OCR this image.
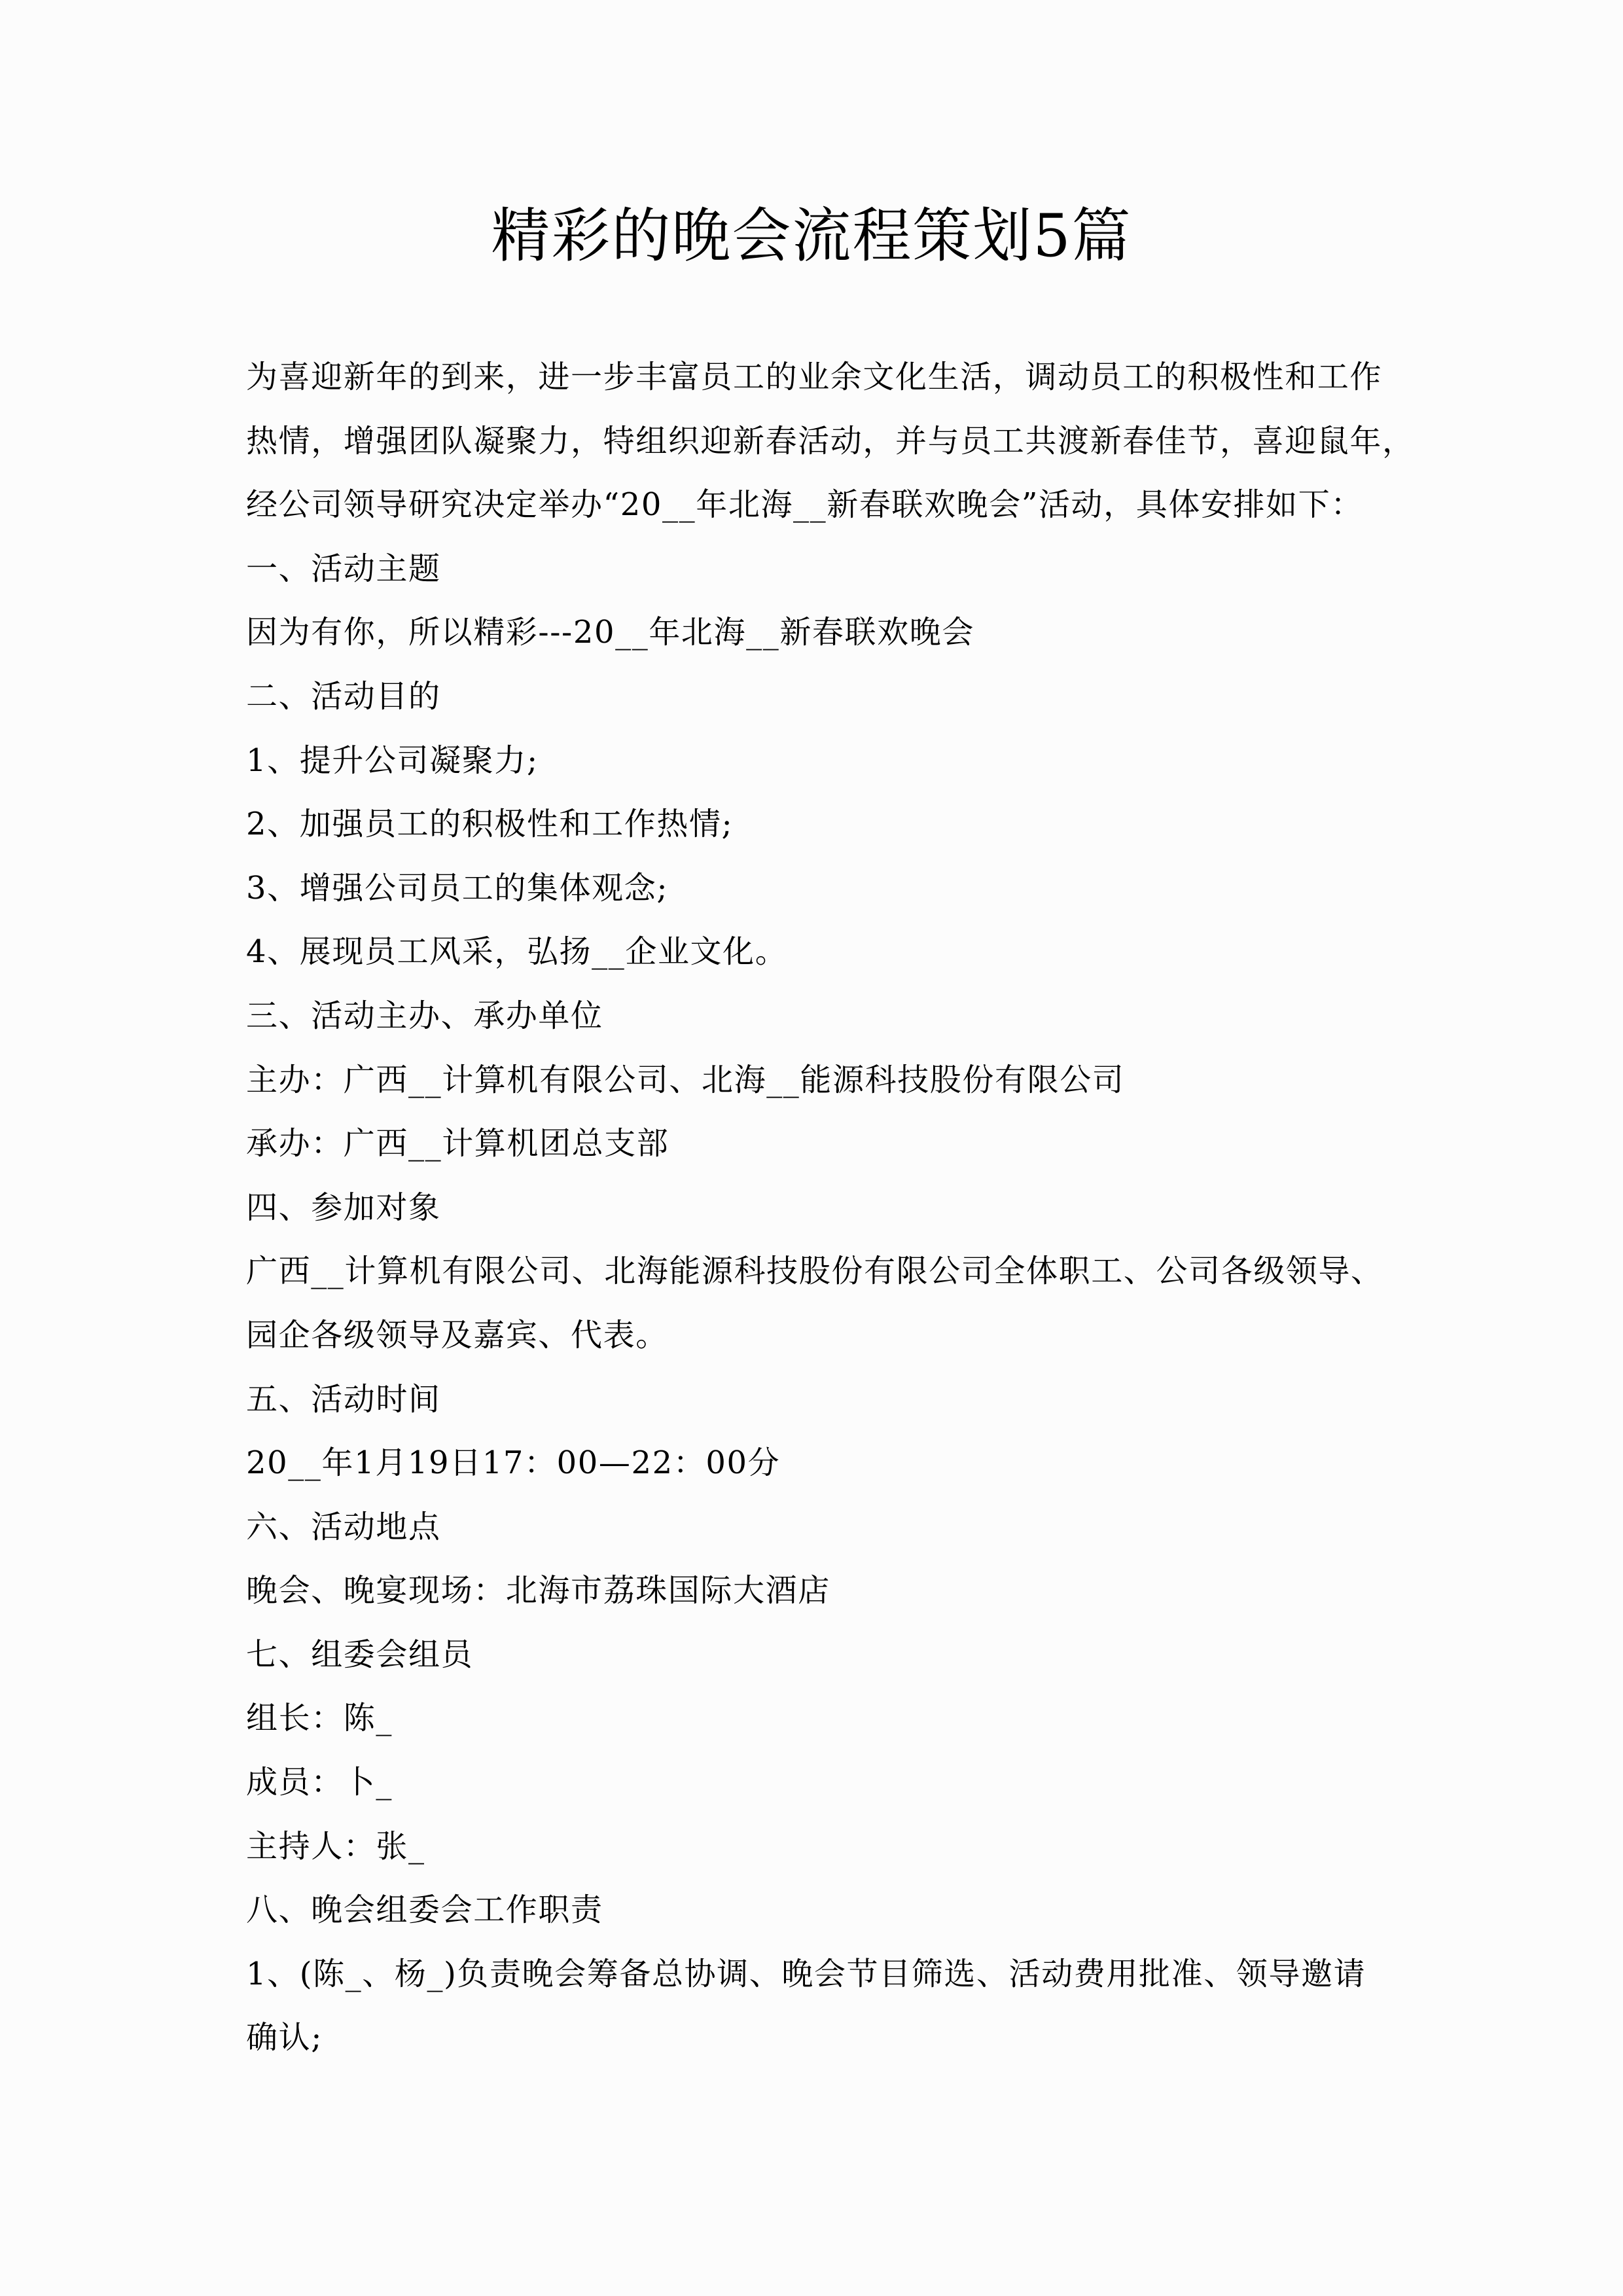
精彩的晚会流程策划5篇

为喜迎新年的到来，进一步丰富员工的业余文化生活，调动员工的积极性和工作

热情，增强团队凝聚力，特组织迎新春活动，并与员工共渡新春佳节，喜迎鼠年，

经公司领导研究决定举办“20__年北海__新春联欢晚会”活动，具体安排如下：

一、活动主题

因为有你，所以精彩---20__年北海__新春联欢晚会

二、活动目的

1、提升公司凝聚力;

2、加强员工的积极性和工作热情;

3、增强公司员工的集体观念;

4、展现员工风采，弘扬__企业文化。

三、活动主办、承办单位

主办：广西__计算机有限公司、北海__能源科技股份有限公司

承办：广西__计算机团总支部

四、参加对象

广西__计算机有限公司、北海能源科技股份有限公司全体职工、公司各级领导、

园企各级领导及嘉宾、代表。

五、活动时间

20__年1月19日17：00—22：00分

六、活动地点

晚会、晚宴现场：北海市荔珠国际大酒店

七、组委会组员

组长：陈_

成员：卜_

主持人：张_

八、晚会组委会工作职责

1、(陈_、杨_)负责晚会筹备总协调、晚会节目筛选、活动费用批准、领导邀请

确认;
